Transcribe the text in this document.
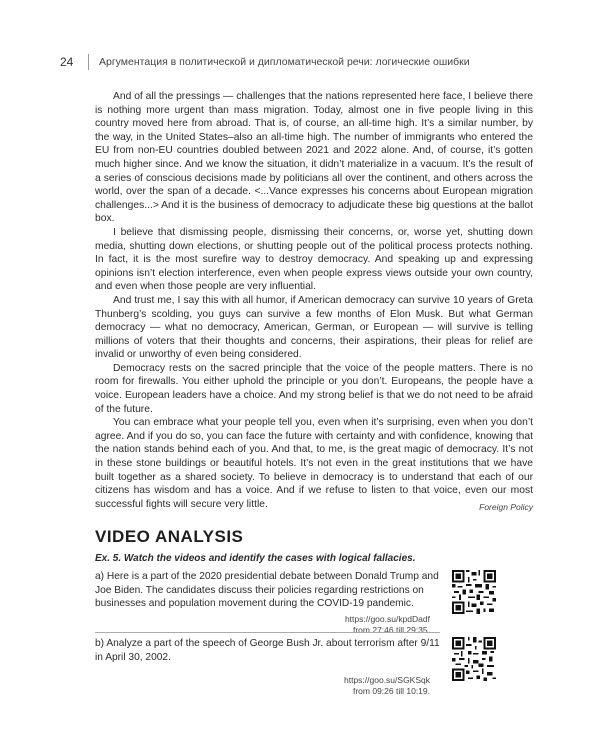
24	Аргументация в политической и дипломатической речи: логические ошибки

And of all the pressings — challenges that the nations represented here face, I believe there is nothing more urgent than mass migration. Today, almost one in five people living in this country moved here from abroad. That is, of course, an all-time high. It’s a similar number, by the way, in the United States–also an all-time high. The number of immigrants who entered the EU from non-EU countries doubled between 2021 and 2022 alone. And, of course, it’s gotten much higher since. And we know the situation, it didn’t materialize in a vacuum. It’s the result of a series of conscious decisions made by politicians all over the continent, and others across the world, over the span of a decade. <...Vance expresses his concerns about European migration challenges...> And it is the business of democracy to adjudicate these big questions at the ballot box.

I believe that dismissing people, dismissing their concerns, or, worse yet, shutting down media, shutting down elections, or shutting people out of the political process protects nothing. In fact, it is the most surefire way to destroy democracy. And speaking up and expressing opinions isn’t election interference, even when people express views outside your own country, and even when those people are very influential.

And trust me, I say this with all humor, if American democracy can survive 10 years of Greta Thunberg’s scolding, you guys can survive a few months of Elon Musk. But what German democracy — what no democracy, American, German, or European — will survive is telling millions of voters that their thoughts and concerns, their aspirations, their pleas for relief are invalid or unworthy of even being considered.

Democracy rests on the sacred principle that the voice of the people matters. There is no room for firewalls. You either uphold the principle or you don’t. Europeans, the people have a voice. European leaders have a choice. And my strong belief is that we do not need to be afraid of the future.

You can embrace what your people tell you, even when it’s surprising, even when you don’t agree. And if you do so, you can face the future with certainty and with confidence, knowing that the nation stands behind each of you. And that, to me, is the great magic of democracy. It’s not in these stone buildings or beautiful hotels. It’s not even in the great institutions that we have built together as a shared society. To believe in democracy is to understand that each of our citizens has wisdom and has a voice. And if we refuse to listen to that voice, even our most successful fights will secure very little.	Foreign Policy
VIDEO ANALYSIS
Ex. 5. Watch the videos and identify the cases with logical fallacies.
a) Here is a part of the 2020 presidential debate between Donald Trump and Joe Biden. The candidates discuss their policies regarding restrictions on businesses and population movement during the COVID-19 pandemic.
https://goo.su/kpdDadf
from 27:46 till 29:35.
b) Analyze a part of the speech of George Bush Jr. about terrorism after 9/11 in April 30, 2002.
https://goo.su/SGKSqk
from 09:26 till 10:19.
